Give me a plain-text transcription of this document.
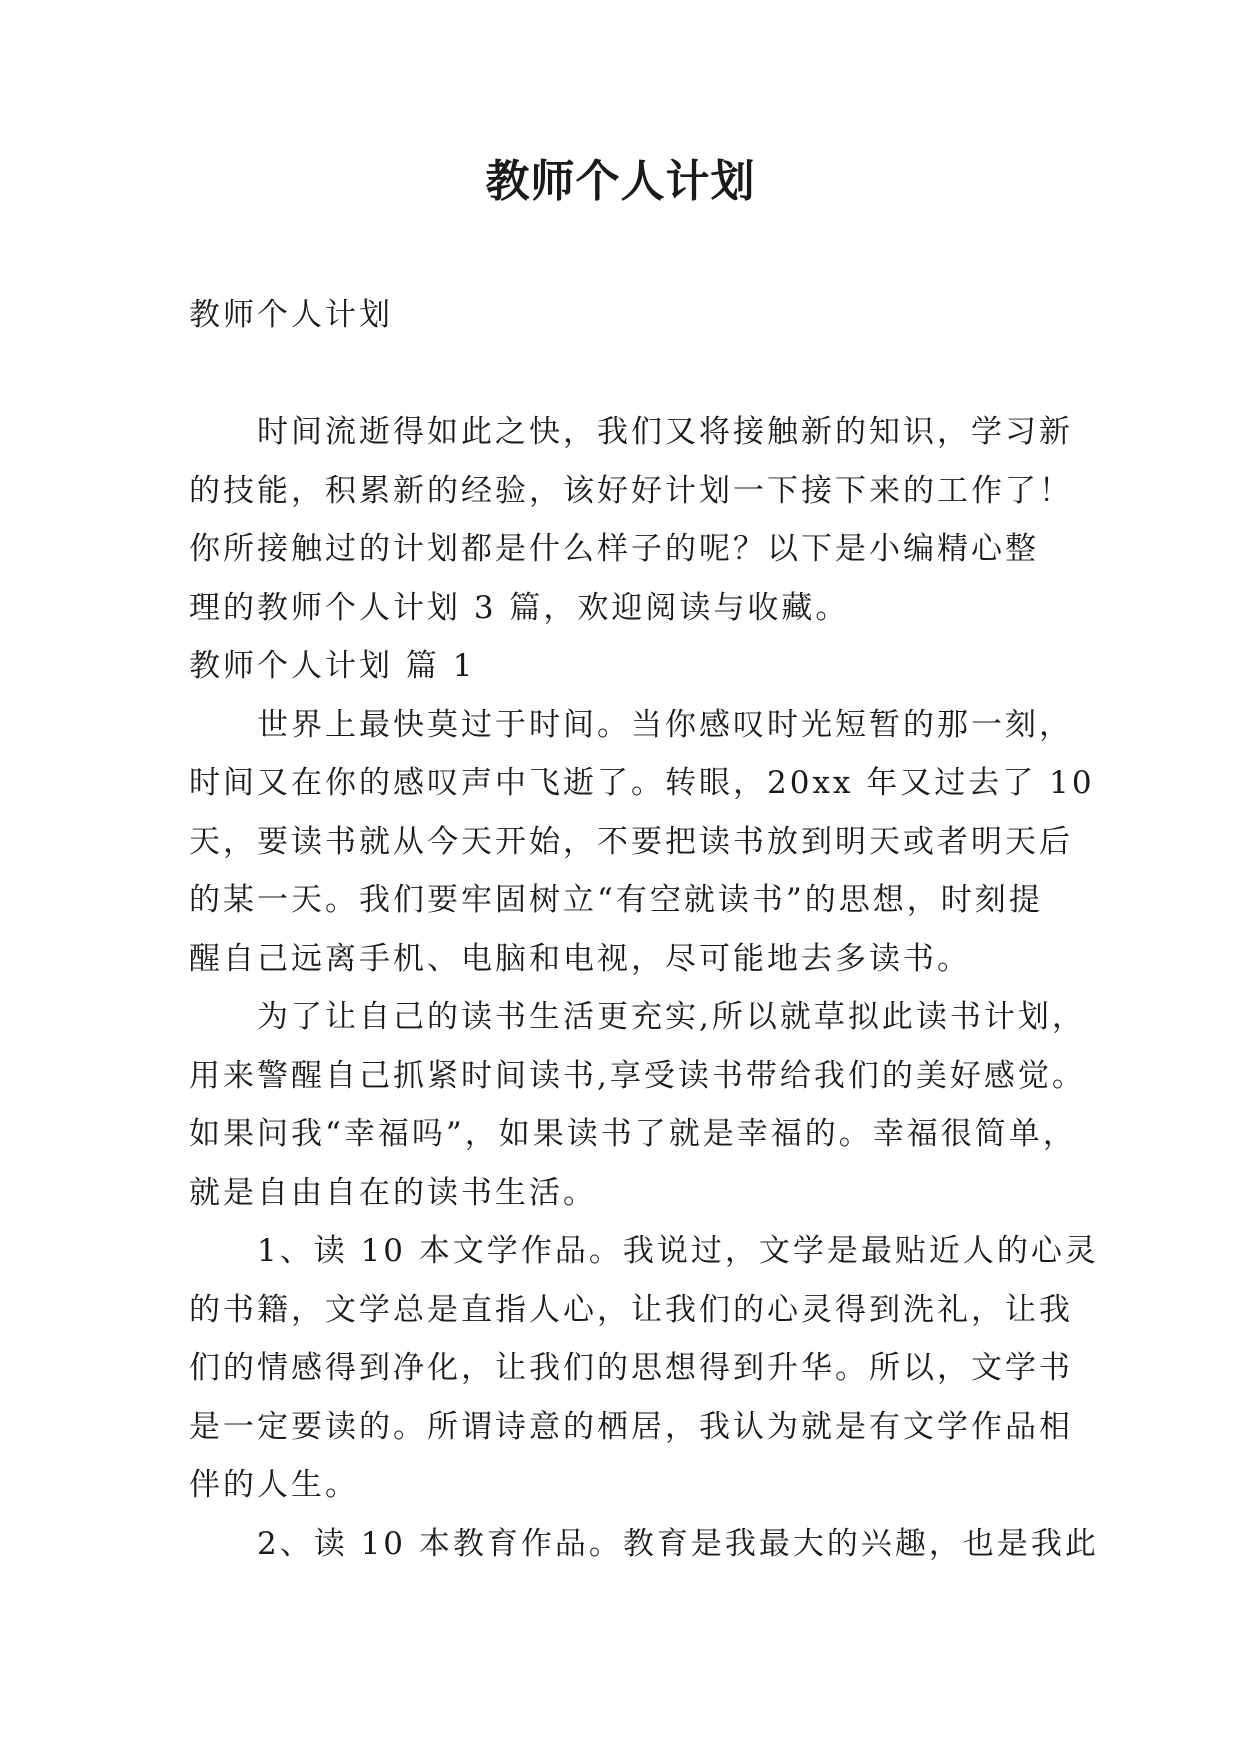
教师个人计划
教师个人计划
时间流逝得如此之快，我们又将接触新的知识，学习新
的技能，积累新的经验，该好好计划一下接下来的工作了！
你所接触过的计划都是什么样子的呢？以下是小编精心整
理的教师个人计划 3 篇，欢迎阅读与收藏。
教师个人计划 篇 1
世界上最快莫过于时间。当你感叹时光短暂的那一刻，
时间又在你的感叹声中飞逝了。转眼，20xx 年又过去了 10
天，要读书就从今天开始，不要把读书放到明天或者明天后
的某一天。我们要牢固树立“有空就读书”的思想，时刻提
醒自己远离手机、电脑和电视，尽可能地去多读书。
为了让自己的读书生活更充实,所以就草拟此读书计划，
用来警醒自己抓紧时间读书,享受读书带给我们的美好感觉。
如果问我“幸福吗”，如果读书了就是幸福的。幸福很简单，
就是自由自在的读书生活。
1、读 10 本文学作品。我说过，文学是最贴近人的心灵
的书籍，文学总是直指人心，让我们的心灵得到洗礼，让我
们的情感得到净化，让我们的思想得到升华。所以，文学书
是一定要读的。所谓诗意的栖居，我认为就是有文学作品相
伴的人生。
2、读 10 本教育作品。教育是我最大的兴趣，也是我此
